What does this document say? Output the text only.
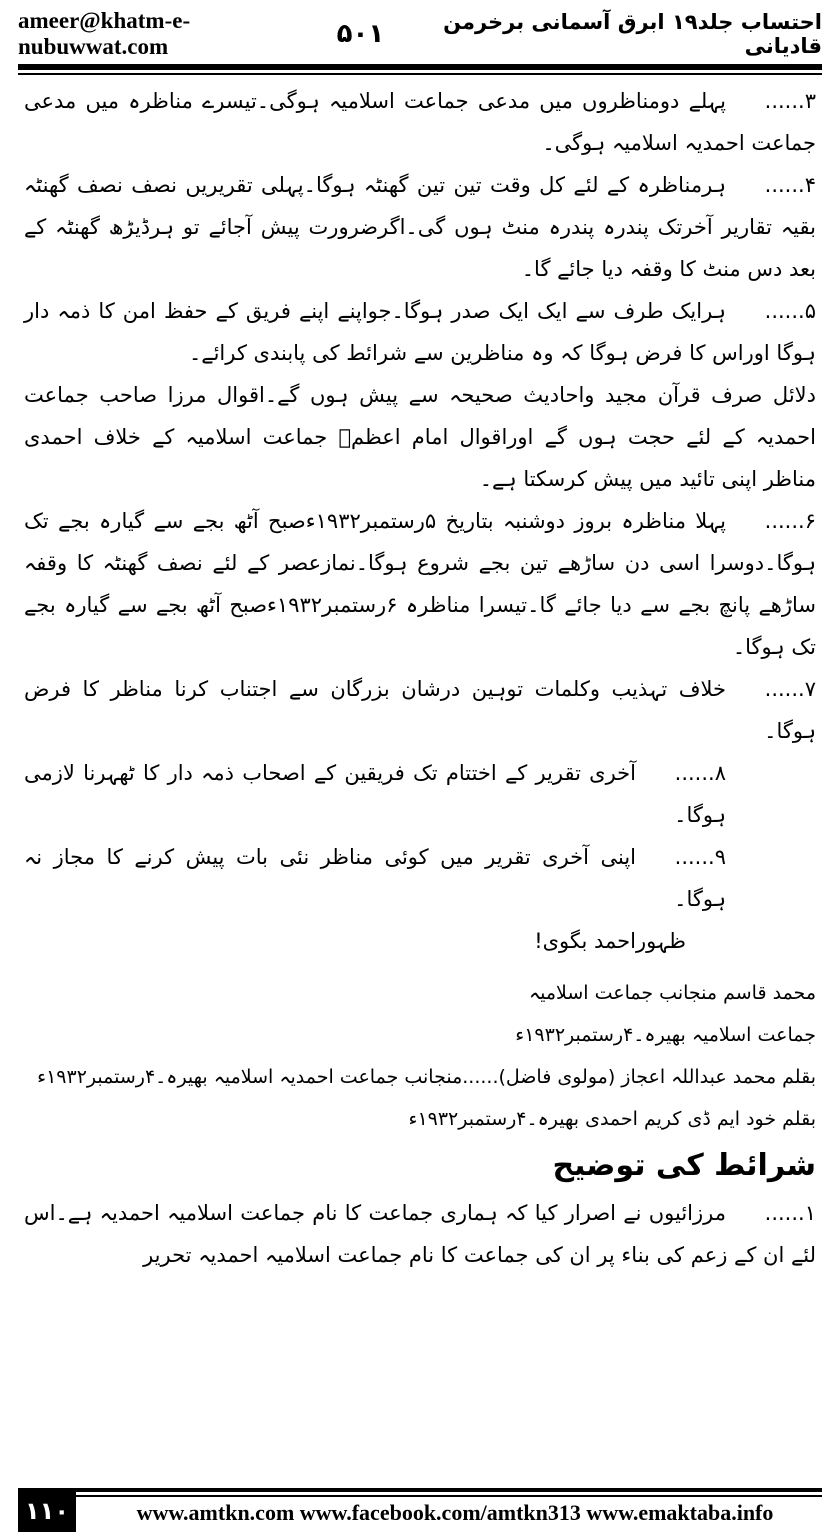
ameer@khatm-e-nubuwwat.com	۵۰۱	احتساب جلد۱۹ ابرق آسمانی برخرمن قادیانی

۳......پہلے دومناظروں میں مدعی جماعت اسلامیہ ہوگی۔تیسرے مناظرہ میں مدعی جماعت احمدیہ اسلامیہ ہوگی۔

۴......ہرمناظرہ کے لئے کل وقت تین تین گھنٹہ ہوگا۔پہلی تقریریں نصف نصف گھنٹہ بقیہ تقاریر آخرتک پندرہ پندرہ منٹ ہوں گی۔اگرضرورت پیش آجائے تو ہرڈیڑھ گھنٹہ کے بعد دس منٹ کا وقفہ دیا جائے گا۔

۵......ہرایک طرف سے ایک ایک صدر ہوگا۔جواپنے اپنے فریق کے حفظ امن کا ذمہ دار ہوگا اوراس کا فرض ہوگا کہ وہ مناظرین سے شرائط کی پابندی کرائے۔

دلائل صرف قرآن مجید واحادیث صحیحہ سے پیش ہوں گے۔اقوال مرزا صاحب جماعت احمدیہ کے لئے حجت ہوں گے اوراقوال امام اعظمؒ جماعت اسلامیہ کے خلاف احمدی مناظر اپنی تائید میں پیش کرسکتا ہے۔

۶......پہلا مناظرہ بروز دوشنبہ بتاریخ ۵رستمبر۱۹۳۲ءصبح آٹھ بجے سے گیارہ بجے تک ہوگا۔دوسرا اسی دن ساڑھے تین بجے شروع ہوگا۔نمازعصر کے لئے نصف گھنٹہ کا وقفہ ساڑھے پانچ بجے سے دیا جائے گا۔تیسرا مناظرہ ۶رستمبر۱۹۳۲ءصبح آٹھ بجے سے گیارہ بجے تک ہوگا۔

۷......خلاف تہذیب وکلمات توہین درشان بزرگان سے اجتناب کرنا مناظر کا فرض ہوگا۔

۸......آخری تقریر کے اختتام تک فریقین کے اصحاب ذمہ دار کا ٹھہرنا لازمی ہوگا۔

۹......اپنی آخری تقریر میں کوئی مناظر نئی بات پیش کرنے کا مجاز نہ ہوگا۔

ظہوراحمد بگوی!

محمد قاسم منجانب جماعت اسلامیہ

جماعت اسلامیہ بھیرہ۔۴رستمبر۱۹۳۲ء

بقلم محمد عبداللہ اعجاز (مولوی فاضل)......منجانب جماعت احمدیہ اسلامیہ بھیرہ۔۴رستمبر۱۹۳۲ء

بقلم خود ایم ڈی کریم احمدی بھیرہ۔۴رستمبر۱۹۳۲ء

شرائط کی توضیح

۱......مرزائیوں نے اصرار کیا کہ ہماری جماعت کا نام جماعت اسلامیہ احمدیہ ہے۔اس لئے ان کے زعم کی بناء پر ان کی جماعت کا نام جماعت اسلامیہ احمدیہ تحریر

۱۱۰	www.amtkn.com www.facebook.com/amtkn313 www.emaktaba.info
